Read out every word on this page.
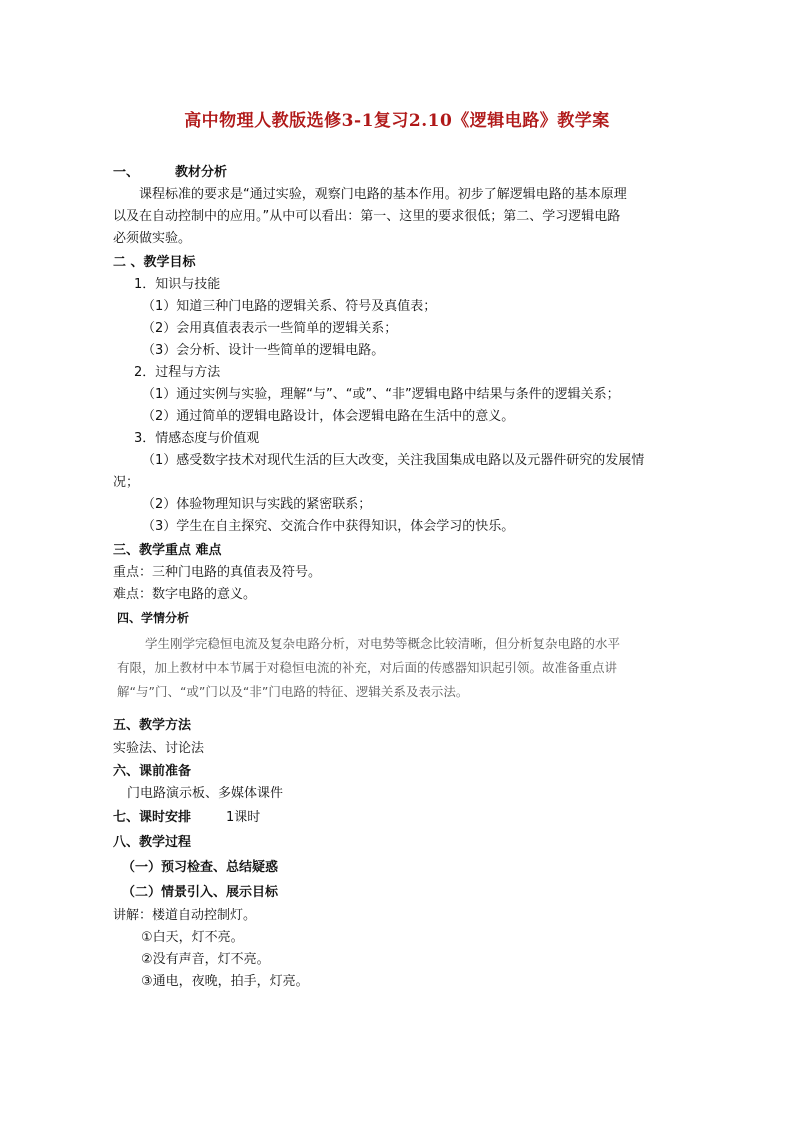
高中物理人教版选修3-1复习2.10《逻辑电路》教学案
一、	教材分析
课程标准的要求是“通过实验，观察门电路的基本作用。初步了解逻辑电路的基本原理
以及在自动控制中的应用。”从中可以看出：第一、这里的要求很低；第二、学习逻辑电路
必须做实验。
二 、教学目标
1．知识与技能
（1）知道三种门电路的逻辑关系、符号及真值表；
（2）会用真值表表示一些简单的逻辑关系；
（3）会分析、设计一些简单的逻辑电路。
2．过程与方法
（1）通过实例与实验，理解“与”、“或”、“非”逻辑电路中结果与条件的逻辑关系；
（2）通过简单的逻辑电路设计，体会逻辑电路在生活中的意义。
3．情感态度与价值观
（1）感受数字技术对现代生活的巨大改变，关注我国集成电路以及元器件研究的发展情
况；
（2）体验物理知识与实践的紧密联系；
（3）学生在自主探究、交流合作中获得知识，体会学习的快乐。
三、教学重点 难点
重点：三种门电路的真值表及符号。
难点：数字电路的意义。
四、学情分析
学生刚学完稳恒电流及复杂电路分析，对电势等概念比较清晰，但分析复杂电路的水平
有限，加上教材中本节属于对稳恒电流的补充，对后面的传感器知识起引领。故准备重点讲
解“与”门、“或”门以及“非”门电路的特征、逻辑关系及表示法。
五、教学方法
实验法、讨论法
六、课前准备
门电路演示板、多媒体课件
七、课时安排	1课时
八、教学过程
（一）预习检查、总结疑惑
（二）情景引入、展示目标
讲解：楼道自动控制灯。
①白天，灯不亮。
②没有声音，灯不亮。
③通电，夜晚，拍手，灯亮。
